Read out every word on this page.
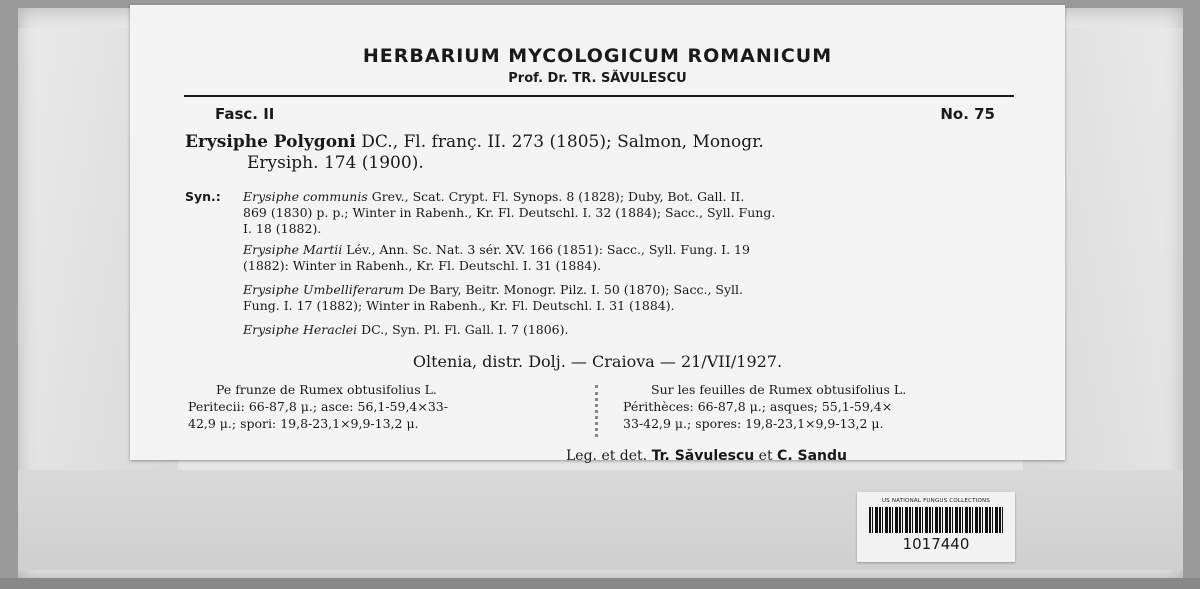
HERBARIUM MYCOLOGICUM ROMANICUM
Prof. Dr. TR. SĂVULESCU
Fasc. II	No. 75
Erysiphe Polygoni DC., Fl. franç. II. 273 (1805); Salmon, Monogr.
Erysiph. 174 (1900).
Syn.: Erysiphe communis Grev., Scat. Crypt. Fl. Synops. 8 (1828); Duby, Bot. Gall. II.
869 (1830) p. p.; Winter in Rabenh., Kr. Fl. Deutschl. I. 32 (1884); Sacc., Syll. Fung.
I. 18 (1882).
Erysiphe Martii Lév., Ann. Sc. Nat. 3 sér. XV. 166 (1851): Sacc., Syll. Fung. I. 19
(1882): Winter in Rabenh., Kr. Fl. Deutschl. I. 31 (1884).
Erysiphe Umbelliferarum De Bary, Beitr. Monogr. Pilz. I. 50 (1870); Sacc., Syll.
Fung. I. 17 (1882); Winter in Rabenh., Kr. Fl. Deutschl. I. 31 (1884).
Erysiphe Heraclei DC., Syn. Pl. Fl. Gall. I. 7 (1806).
Oltenia, distr. Dolj. — Craiova — 21/VII/1927.
Pe frunze de Rumex obtusifolius L.
Peritecii: 66-87,8 μ.; asce: 56,1-59,4×33-
42,9 μ.; spori: 19,8-23,1×9,9-13,2 μ.
Sur les feuilles de Rumex obtusifolius L.
Périthèces: 66-87,8 μ.; asques; 55,1-59,4×
33-42,9 μ.; spores: 19,8-23,1×9,9-13,2 μ.
Leg. et det. Tr. Săvulescu et C. Sandu
US NATIONAL FUNGUS COLLECTIONS
1017440
